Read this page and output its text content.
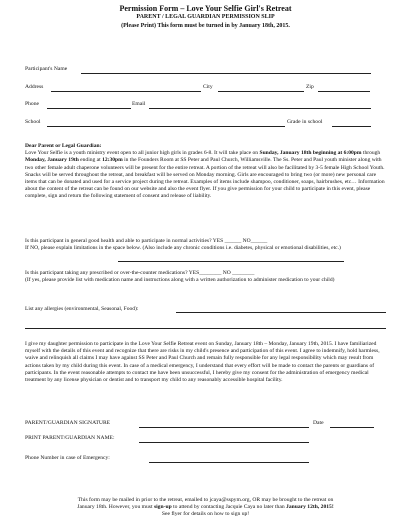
Permission Form – Love Your Selfie Girl's Retreat
PARENT / LEGAL GUARDIAN PERMISSION SLIP
(Please Print) This form must be turned in by January 18th, 2015.
Participant's Name
Address	City	Zip
Phone	Email
School	Grade in school

Dear Parent or Legal Guardian:

Love Your Selfie is a youth ministry event open to all junior high girls in grades 6-8. It will take place on Sunday, January 18th beginning at 6:00pm through Monday, January 19th ending at 12:30pm in the Founders Room at SS Peter and Paul Church, Williamsville. The Ss. Peter and Paul youth minister along with two other female adult chaperone volunteers will be present for the entire retreat. A portion of the retreat will also be facilitated by 3-5 female High School Youth. Snacks will be served throughout the retreat, and breakfast will be served on Monday morning. Girls are encouraged to bring two (or more) new personal care items that can be donated and used for a service project during the retreat. Examples of items include shampoo, conditioner, soaps, hairbrushes, etc… Information about the content of the retreat can be found on our website and also the event flyer. If you give permission for your child to participate in this event, please complete, sign and return the following statement of consent and release of liability.

Is this participant in general good health and able to participate in normal activities? YES ______ NO______

If NO, please explain limitations in the space below. (Also include any chronic conditions i.e. diabetes, physical or emotional disabilities, etc.)

Is this participant taking any prescribed or over-the-counter medications? YES________ NO ________

(If yes, please provide list with medication name and instructions along with a written authorization to administer medication to your child)

List any allergies (environmental, Seasonal, Food):

I give my daughter permission to participate in the Love Your Selfie Retreat event on Sunday, January 18th – Monday, January 19th, 2015. I have familiarized myself with the details of this event and recognize that there are risks in my child's presence and participation of this event. I agree to indemnify, hold harmless, waive and relinquish all claims I may have against SS Peter and Paul Church and remain fully responsible for any legal responsibility which may result from actions taken by my child during this event. In case of a medical emergency, I understand that every effort will be made to contact the parents or guardians of participants. In the event reasonable attempts to contact me have been unsuccessful, I hereby give my consent for the administration of emergency medical treatment by any license physician or dentist and to transport my child to any reasonably accessible hospital facility.

PARENT/GUARDIAN SIGNATURE	Date
PRINT PARENT/GUARDIAN NAME:
Phone Number in case of Emergency:
This form may be mailed in prior to the retreat, emailed to jcaya@sspym.org, OR may be brought to the retreat on
January 18th. However, you must sign-up to attend by contacting Jacquie Caya no later than January 12th, 2015!
See flyer for details on how to sign up!
